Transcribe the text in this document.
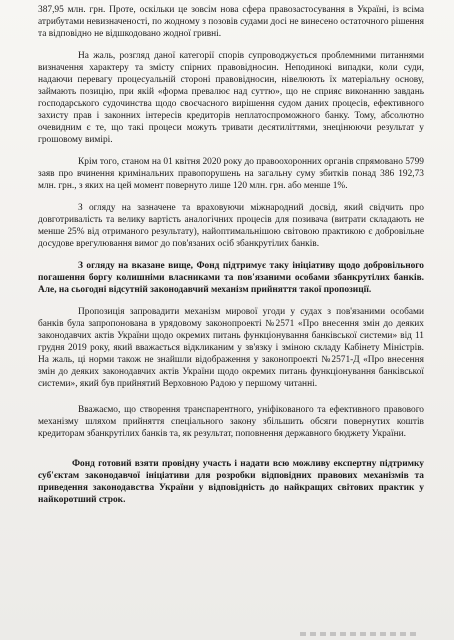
387,95 млн. грн. Проте, оскільки це зовсім нова сфера правозастосування в Україні, із всіма атрибутами невизначеності, по жодному з позовів судами досі не винесено остаточного рішення та відповідно не відшкодовано жодної гривні.

На жаль, розгляд даної категорії спорів супроводжується проблемними питаннями визначення характеру та змісту спірних правовідносин. Неподинокі випадки, коли суди, надаючи перевагу процесуальній стороні правовідносин, нівелюють їх матеріальну основу, займають позицію, при якій «форма превалює над суттю», що не сприяє виконанню завдань господарського судочинства щодо своєчасного вирішення судом даних процесів, ефективного захисту прав і законних інтересів кредиторів неплатоспроможного банку. Тому, абсолютно очевидним є те, що такі процеси можуть тривати десятиліттями, знецінюючи результат у грошовому вимірі.

Крім того, станом на 01 квітня 2020 року до правоохоронних органів спрямовано 5799 заяв про вчинення кримінальних правопорушень на загальну суму збитків понад 386 192,73 млн. грн., з яких на цей момент повернуто лише 120 млн. грн. або менше 1%.

З огляду на зазначене та враховуючи міжнародний досвід, який свідчить про довготривалість та велику вартість аналогічних процесів для позивача (витрати складають не менше 25% від отриманого результату), найоптимальнішою світовою практикою є добровільне досудове врегулювання вимог до пов'язаних осіб збанкрутілих банків.

З огляду на вказане вище, Фонд підтримує таку ініціативу щодо добровільного погашення боргу колишніми власниками та пов'язаними особами збанкрутілих банків. Але, на сьогодні відсутній законодавчий механізм прийняття такої пропозиції.

Пропозиція запровадити механізм мирової угоди у судах з пов'язаними особами банків була запропонована в урядовому законопроекті №2571 «Про внесення змін до деяких законодавчих актів України щодо окремих питань функціонування банківської системи» від 11 грудня 2019 року, який вважається відкликаним у зв'язку і зміною складу Кабінету Міністрів. На жаль, ці норми також не знайшли відображення у законопроекті №2571-Д «Про внесення змін до деяких законодавчих актів України щодо окремих питань функціонування банківської системи», який був прийнятий Верховною Радою у першому читанні.

Вважаємо, що створення транспарентного, уніфікованого та ефективного правового механізму шляхом прийняття спеціального закону збільшить обсяги повернутих коштів кредиторам збанкрутілих банків та, як результат, поповнення державного бюджету України.

Фонд готовий взяти провідну участь і надати всю можливу експертну підтримку суб'єктам законодавчої ініціативи для розробки відповідних правових механізмів та приведення законодавства України у відповідність до найкращих світових практик у найкоротший строк.
